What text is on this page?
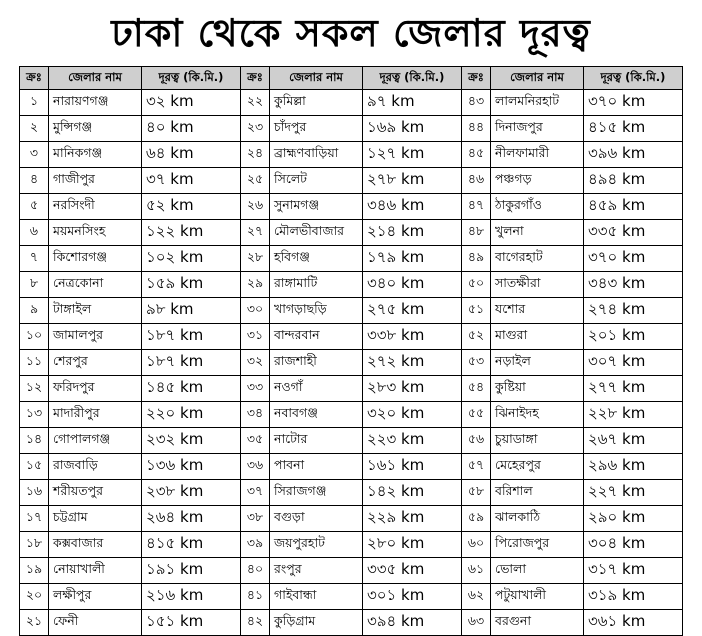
ঢাকা থেকে সকল জেলার দূরত্ব
ক্রঃ	জেলার নাম	দূরত্ব (কি.মি.)	ক্রঃ	জেলার নাম	দূরত্ব (কি.মি.)	ক্রঃ	জেলার নাম	দূরত্ব (কি.মি.)
১	নারায়ণগঞ্জ	৩২ km	২২	কুমিল্লা	৯৭ km	৪৩	লালমনিরহাট	৩৭০ km
২	মুন্সিগঞ্জ	৪০ km	২৩	চাঁদপুর	১৬৯ km	৪৪	দিনাজপুর	৪১৫ km
৩	মানিকগঞ্জ	৬৪ km	২৪	ব্রাহ্মণবাড়িয়া	১২৭ km	৪৫	নীলফামারী	৩৯৬ km
৪	গাজীপুর	৩৭ km	২৫	সিলেট	২৭৮ km	৪৬	পঞ্চগড়	৪৯৪ km
৫	নরসিংদী	৫২ km	২৬	সুনামগঞ্জ	৩৪৬ km	৪৭	ঠাকুরগাঁও	৪৫৯ km
৬	ময়মনসিংহ	১২২ km	২৭	মৌলভীবাজার	২১৪ km	৪৮	খুলনা	৩৩৫ km
৭	কিশোরগঞ্জ	১০২ km	২৮	হবিগঞ্জ	১৭৯ km	৪৯	বাগেরহাট	৩৭০ km
৮	নেত্রকোনা	১৫৯ km	২৯	রাঙ্গামাটি	৩৪০ km	৫০	সাতক্ষীরা	৩৪৩ km
৯	টাঙ্গাইল	৯৮ km	৩০	খাগড়াছড়ি	২৭৫ km	৫১	যশোর	২৭৪ km
১০	জামালপুর	১৮৭ km	৩১	বান্দরবান	৩৩৮ km	৫২	মাগুরা	২০১ km
১১	শেরপুর	১৮৭ km	৩২	রাজশাহী	২৭২ km	৫৩	নড়াইল	৩০৭ km
১২	ফরিদপুর	১৪৫ km	৩৩	নওগাঁ	২৮৩ km	৫৪	কুষ্টিয়া	২৭৭ km
১৩	মাদারীপুর	২২০ km	৩৪	নবাবগঞ্জ	৩২০ km	৫৫	ঝিনাইদহ	২২৮ km
১৪	গোপালগঞ্জ	২৩২ km	৩৫	নাটোর	২২৩ km	৫৬	চুয়াডাঙ্গা	২৬৭ km
১৫	রাজবাড়ি	১৩৬ km	৩৬	পাবনা	১৬১ km	৫৭	মেহেরপুর	২৯৬ km
১৬	শরীয়তপুর	২৩৮ km	৩৭	সিরাজগঞ্জ	১৪২ km	৫৮	বরিশাল	২২৭ km
১৭	চট্টগ্রাম	২৬৪ km	৩৮	বগুড়া	২২৯ km	৫৯	ঝালকাঠি	২৯০ km
১৮	কক্সবাজার	৪১৫ km	৩৯	জয়পুরহাট	২৮০ km	৬০	পিরোজপুর	৩০৪ km
১৯	নোয়াখালী	১৯১ km	৪০	রংপুর	৩৩৫ km	৬১	ভোলা	৩১৭ km
২০	লক্ষীপুর	২১৬ km	৪১	গাইবান্ধা	৩০১ km	৬২	পটুয়াখালী	৩১৯ km
২১	ফেনী	১৫১ km	৪২	কুড়িগ্রাম	৩৯৪ km	৬৩	বরগুনা	৩৬১ km
